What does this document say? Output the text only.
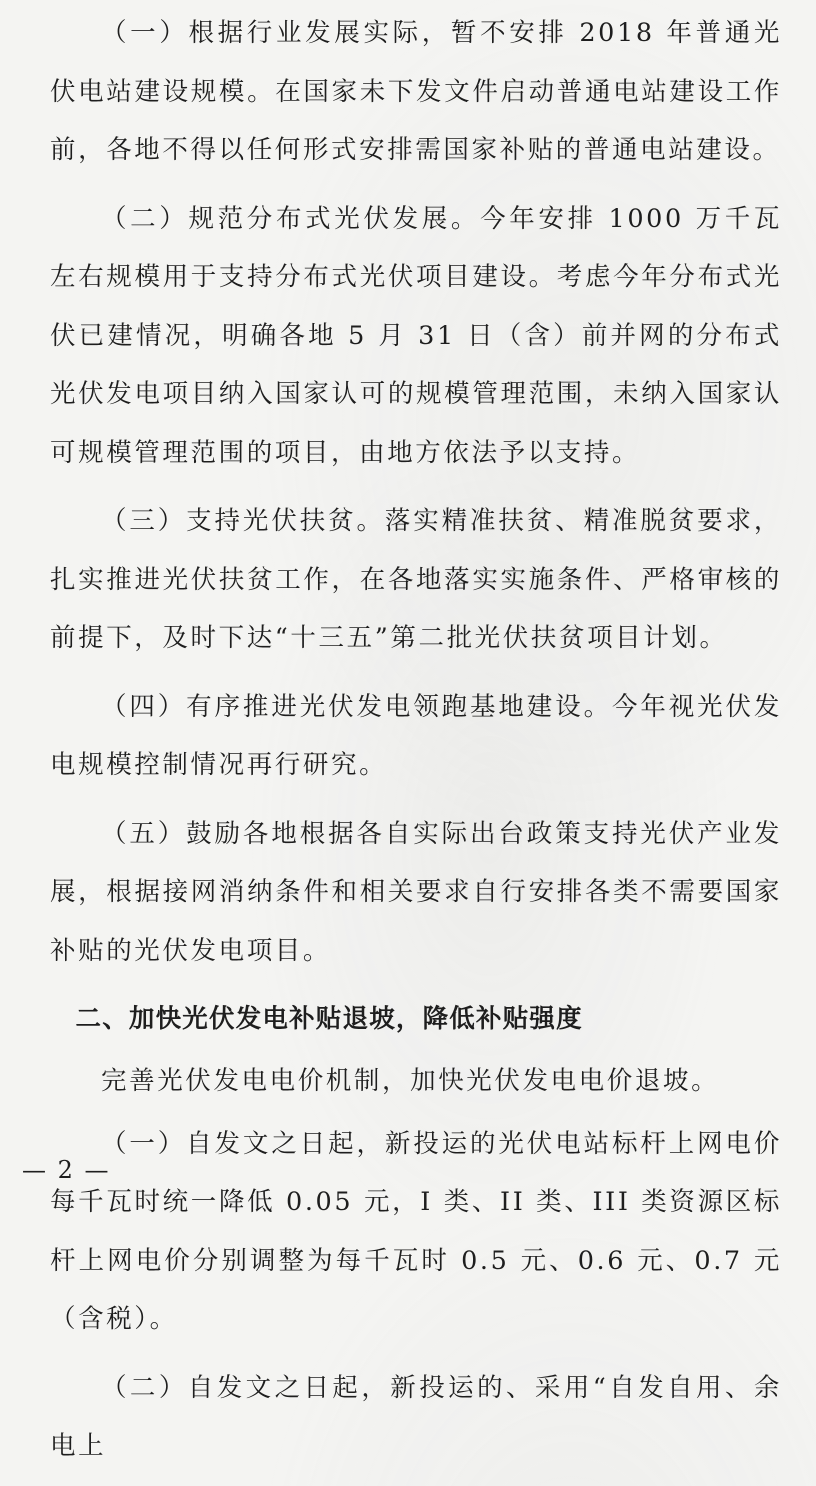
（一）根据行业发展实际，暂不安排 2018 年普通光伏电站建设规模。在国家未下发文件启动普通电站建设工作前，各地不得以任何形式安排需国家补贴的普通电站建设。

（二）规范分布式光伏发展。今年安排 1000 万千瓦左右规模用于支持分布式光伏项目建设。考虑今年分布式光伏已建情况，明确各地 5 月 31 日（含）前并网的分布式光伏发电项目纳入国家认可的规模管理范围，未纳入国家认可规模管理范围的项目，由地方依法予以支持。

（三）支持光伏扶贫。落实精准扶贫、精准脱贫要求，扎实推进光伏扶贫工作，在各地落实实施条件、严格审核的前提下，及时下达“十三五”第二批光伏扶贫项目计划。

（四）有序推进光伏发电领跑基地建设。今年视光伏发电规模控制情况再行研究。

（五）鼓励各地根据各自实际出台政策支持光伏产业发展，根据接网消纳条件和相关要求自行安排各类不需要国家补贴的光伏发电项目。

二、加快光伏发电补贴退坡，降低补贴强度

完善光伏发电电价机制，加快光伏发电电价退坡。

（一）自发文之日起，新投运的光伏电站标杆上网电价每千瓦时统一降低 0.05 元，I 类、II 类、III 类资源区标杆上网电价分别调整为每千瓦时 0.5 元、0.6 元、0.7 元（含税）。

（二）自发文之日起，新投运的、采用“自发自用、余电上

— 2 —
